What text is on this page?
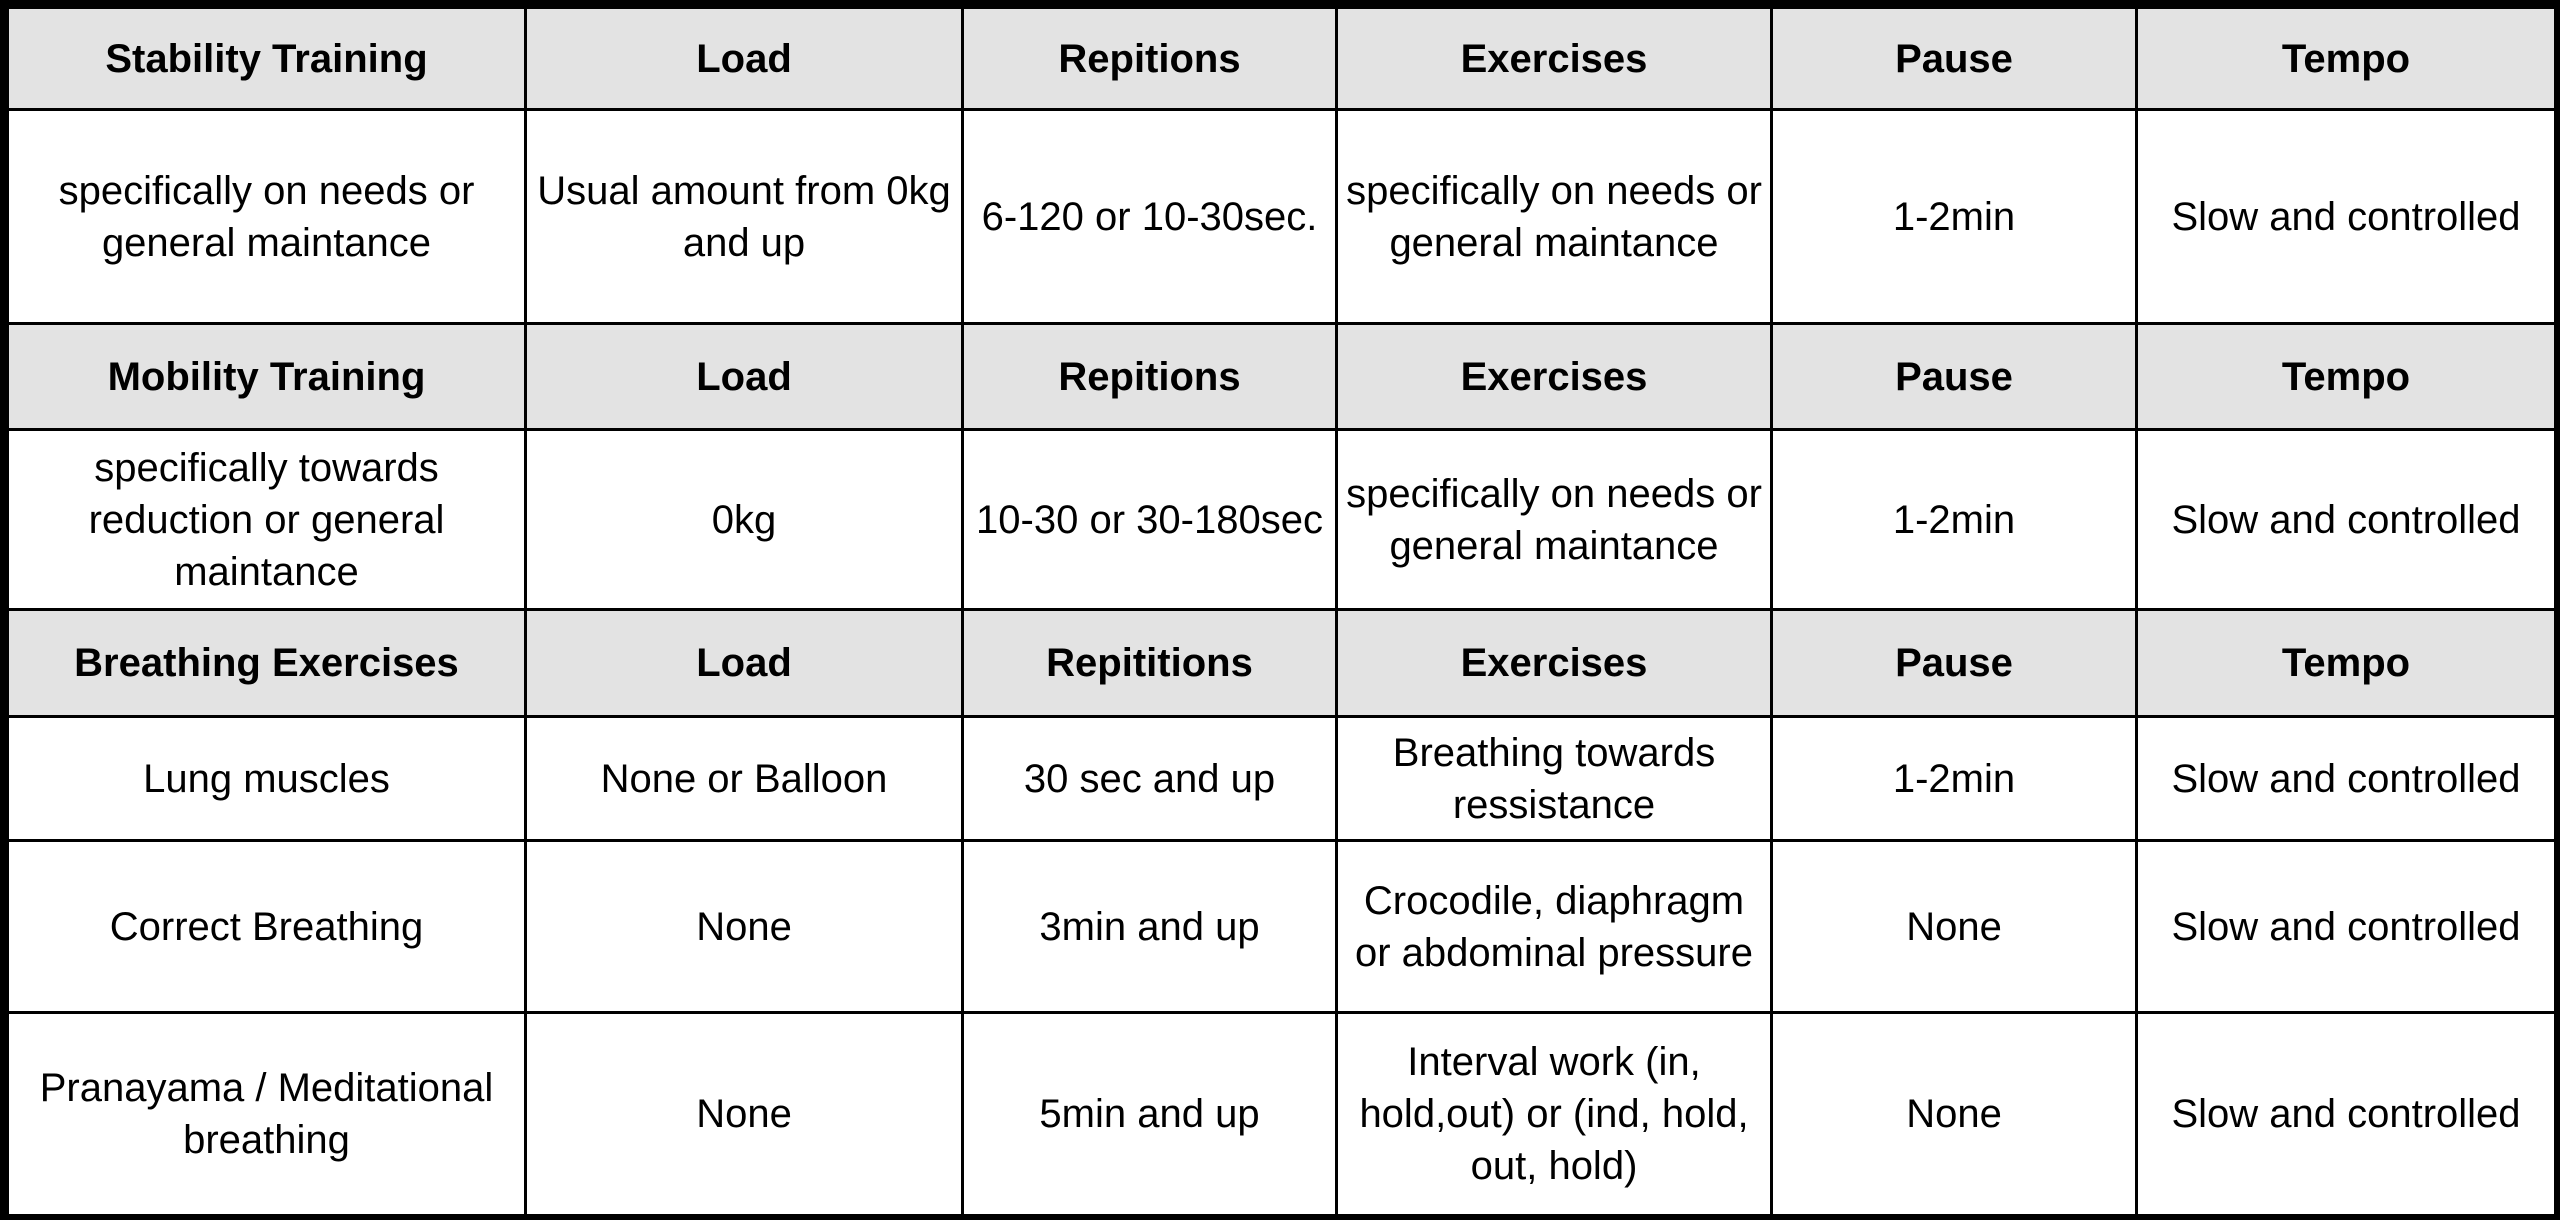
Stability Training	Load	Repitions	Exercises	Pause	Tempo
specifically on needs or general maintance	Usual amount from 0kg and up	6-120 or 10-30sec.	specifically on needs or general maintance	1-2min	Slow and controlled
Mobility Training	Load	Repitions	Exercises	Pause	Tempo
specifically towards reduction or general maintance	0kg	10-30 or 30-180sec	specifically on needs or general maintance	1-2min	Slow and controlled
Breathing Exercises	Load	Repititions	Exercises	Pause	Tempo
Lung muscles	None or Balloon	30 sec and up	Breathing towards ressistance	1-2min	Slow and controlled
Correct Breathing	None	3min and up	Crocodile, diaphragm or abdominal pressure	None	Slow and controlled
Pranayama / Meditational breathing	None	5min and up	Interval work (in, hold,out) or (ind, hold, out, hold)	None	Slow and controlled
